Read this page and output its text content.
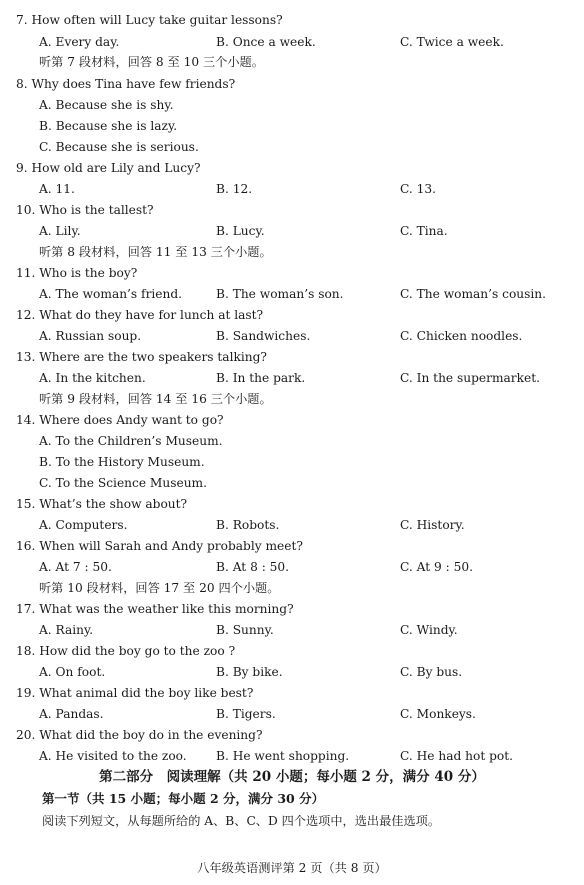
7. How often will Lucy take guitar lessons?
A. Every day.	B. Once a week.	C. Twice a week.
听第 7 段材料，回答 8 至 10 三个小题。
8. Why does Tina have few friends?
A. Because she is shy.
B. Because she is lazy.
C. Because she is serious.
9. How old are Lily and Lucy?
A. 11.	B. 12.	C. 13.
10. Who is the tallest?
A. Lily.	B. Lucy.	C. Tina.
听第 8 段材料，回答 11 至 13 三个小题。
11. Who is the boy?
A. The woman’s friend.	B. The woman’s son.	C. The woman’s cousin.
12. What do they have for lunch at last?
A. Russian soup.	B. Sandwiches.	C. Chicken noodles.
13. Where are the two speakers talking?
A. In the kitchen.	B. In the park.	C. In the supermarket.
听第 9 段材料，回答 14 至 16 三个小题。
14. Where does Andy want to go?
A. To the Children’s Museum.
B. To the History Museum.
C. To the Science Museum.
15. What’s the show about?
A. Computers.	B. Robots.	C. History.
16. When will Sarah and Andy probably meet?
A. At 7 : 50.	B. At 8 : 50.	C. At 9 : 50.
听第 10 段材料，回答 17 至 20 四个小题。
17. What was the weather like this morning?
A. Rainy.	B. Sunny.	C. Windy.
18. How did the boy go to the zoo ?
A. On foot.	B. By bike.	C. By bus.
19. What animal did the boy like best?
A. Pandas.	B. Tigers.	C. Monkeys.
20. What did the boy do in the evening?
A. He visited to the zoo. B. He went shopping.	C. He had hot pot.
第二部分　阅读理解（共 20 小题；每小题 2 分，满分 40 分）
第一节（共 15 小题；每小题 2 分，满分 30 分）
阅读下列短文，从每题所给的 A、B、C、D 四个选项中，选出最佳选项。
八年级英语测评第 2 页（共 8 页）
